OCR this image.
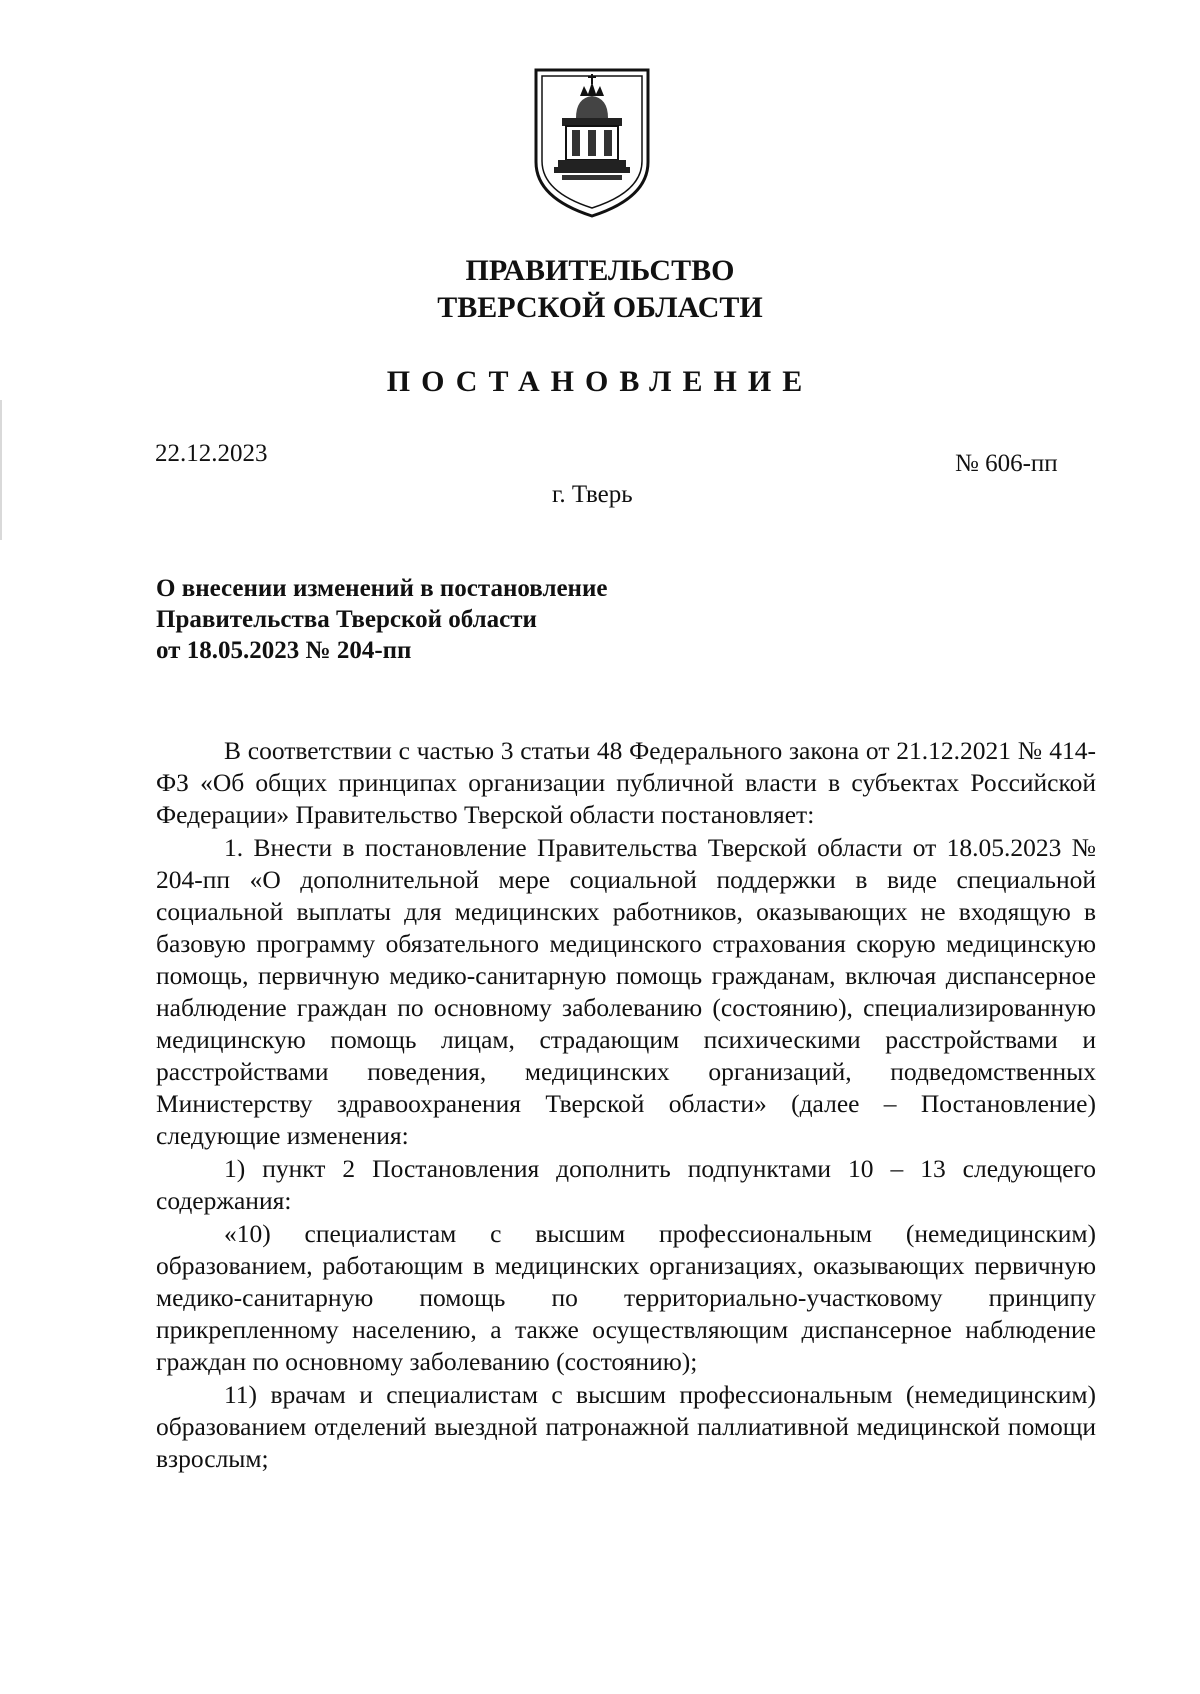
ПРАВИТЕЛЬСТВО
ТВЕРСКОЙ ОБЛАСТИ
ПОСТАНОВЛЕНИЕ
22.12.2023	№ 606-пп
г. Тверь
О внесении изменений в постановление
Правительства Тверской области
от 18.05.2023 № 204-пп

В соответствии с частью 3 статьи 48 Федерального закона от 21.12.2021 № 414-ФЗ «Об общих принципах организации публичной власти в субъектах Российской Федерации» Правительство Тверской области постановляет:

1. Внести в постановление Правительства Тверской области от 18.05.2023 № 204-пп «О дополнительной мере социальной поддержки в виде специальной социальной выплаты для медицинских работников, оказывающих не входящую в базовую программу обязательного медицинского страхования скорую медицинскую помощь, первичную медико-санитарную помощь гражданам, включая диспансерное наблюдение граждан по основному заболеванию (состоянию), специализированную медицинскую помощь лицам, страдающим психическими расстройствами и расстройствами поведения, медицинских организаций, подведомственных Министерству здравоохранения Тверской области» (далее – Постановление) следующие изменения:

1) пункт 2 Постановления дополнить подпунктами 10 – 13 следующего содержания:

«10) специалистам с высшим профессиональным (немедицинским) образованием, работающим в медицинских организациях, оказывающих первичную медико-санитарную помощь по территориально-участковому принципу прикрепленному населению, а также осуществляющим диспансерное наблюдение граждан по основному заболеванию (состоянию);

11) врачам и специалистам с высшим профессиональным (немедицинским) образованием отделений выездной патронажной паллиативной медицинской помощи взрослым;
